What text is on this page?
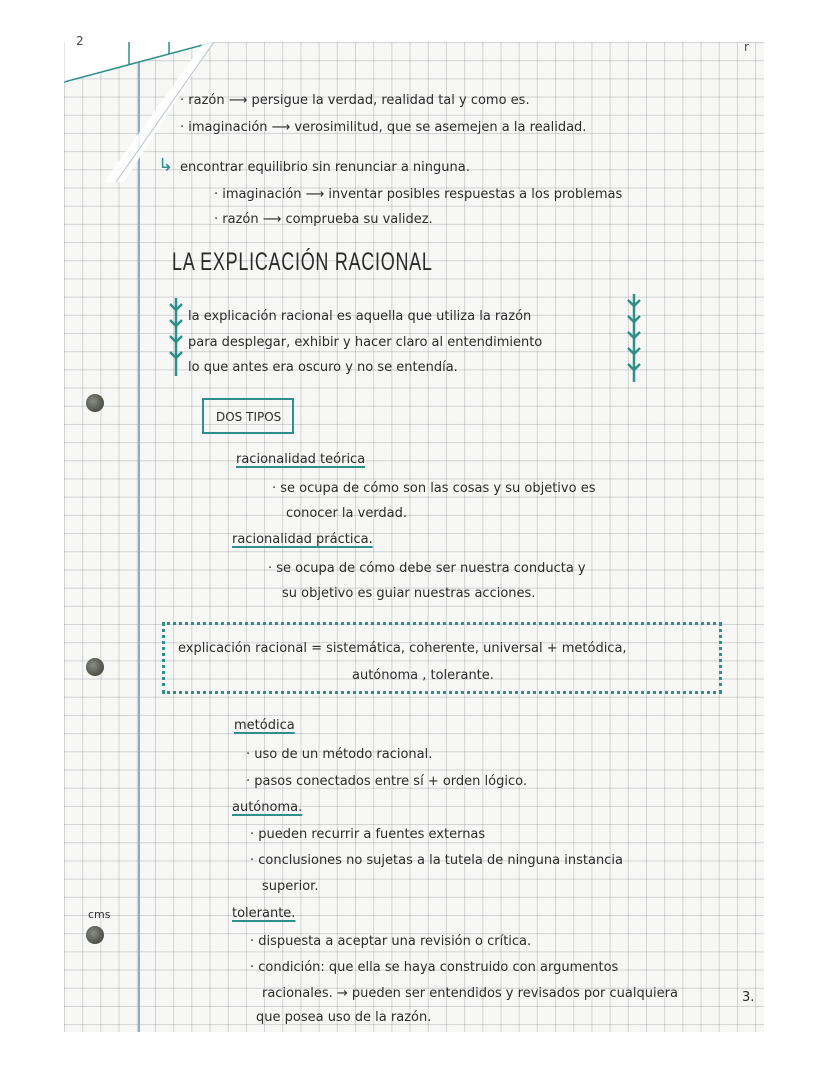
2	r
cms
· razón ⟶ persigue la verdad, realidad tal y como es.
· imaginación ⟶ verosimilitud, que se asemejen a la realidad.
↳ encontrar equilibrio sin renunciar a ninguna.
· imaginación ⟶ inventar posibles respuestas a los problemas
· razón ⟶ comprueba su validez.
LA EXPLICACIÓN RACIONAL
la explicación racional es aquella que utiliza la razón
para desplegar, exhibir y hacer claro al entendimiento
lo que antes era oscuro y no se entendía.
DOS TIPOS
racionalidad teórica
· se ocupa de cómo son las cosas y su objetivo es
conocer la verdad.
racionalidad práctica.
· se ocupa de cómo debe ser nuestra conducta y
su objetivo es guiar nuestras acciones.
explicación racional = sistemática, coherente, universal + metódica,
autónoma , tolerante.
metódica
· uso de un método racional.
· pasos conectados entre sí + orden lógico.
autónoma.
· pueden recurrir a fuentes externas
· conclusiones no sujetas a la tutela de ninguna instancia
superior.
tolerante.
· dispuesta a aceptar una revisión o crítica.
· condición: que ella se haya construido con argumentos
racionales. → pueden ser entendidos y revisados por cualquiera
que posea uso de la razón.
3.
